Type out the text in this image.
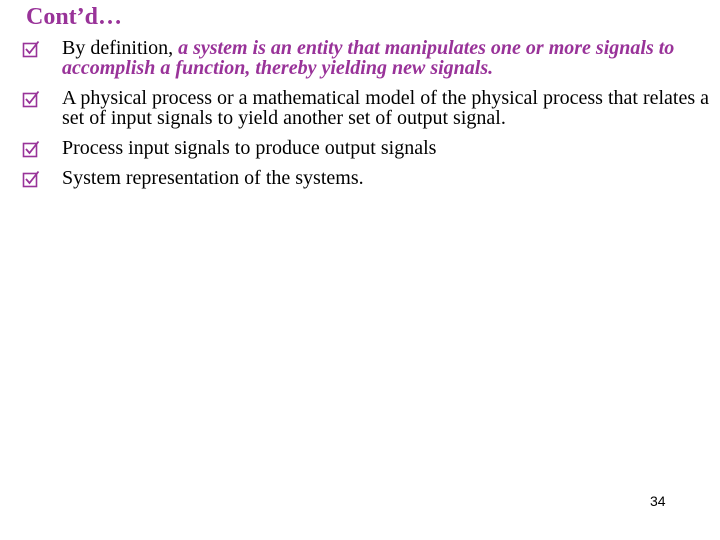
Cont’d…
By definition, a system is an entity that manipulates one or more signals to accomplish a function, thereby yielding new signals.
A physical process or a mathematical model of the physical process that relates a set of input signals to yield another set of output signal.
Process input signals to produce output signals
System representation of the systems.
34
